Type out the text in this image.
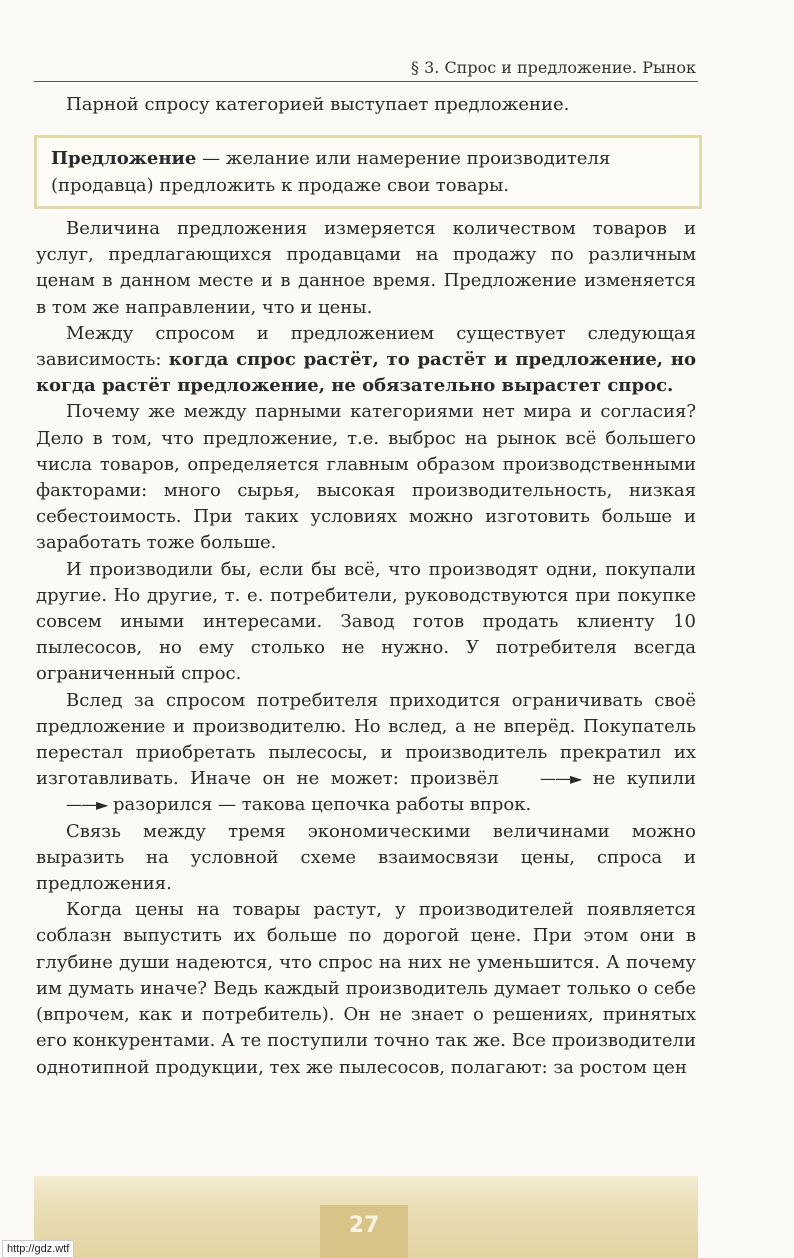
§ 3. Спрос и предложение. Рынок

Парной спросу категорией выступает предложение.

Предложение — желание или намерение производителя (продавца) предложить к продаже свои товары.

Величина предложения измеряется количеством товаров и услуг, предлагающихся продавцами на продажу по различным ценам в данном месте и в данное время. Предложение изменяется в том же направлении, что и цены.

Между спросом и предложением существует следующая зависимость: когда спрос растёт, то растёт и предложение, но когда растёт предложение, не обязательно вырастет спрос.

Почему же между парными категориями нет мира и согласия? Дело в том, что предложение, т.е. выброс на рынок всё большего числа товаров, определяется главным образом производственными факторами: много сырья, высокая производительность, низкая себестоимость. При таких условиях можно изготовить больше и заработать тоже больше.

И производили бы, если бы всё, что производят одни, покупали другие. Но другие, т. е. потребители, руководствуются при покупке совсем иными интересами. Завод готов продать клиенту 10 пылесосов, но ему столько не нужно. У потребителя всегда ограниченный спрос.

Вслед за спросом потребителя приходится ограничивать своё предложение и производителю. Но вслед, а не вперёд. Покупатель перестал приобретать пылесосы, и производитель прекратил их изготавливать. Иначе он не может: произвёл ——► не купили ——► разорился — такова цепочка работы впрок.

Связь между тремя экономическими величинами можно выразить на условной схеме взаимосвязи цены, спроса и предложения.

Когда цены на товары растут, у производителей появляется соблазн выпустить их больше по дорогой цене. При этом они в глубине души надеются, что спрос на них не уменьшится. А почему им думать иначе? Ведь каждый производитель думает только о себе (впрочем, как и потребитель). Он не знает о решениях, принятых его конкурентами. А те поступили точно так же. Все производители однотипной продукции, тех же пылесосов, полагают: за ростом цен

27
http://gdz.wtf
